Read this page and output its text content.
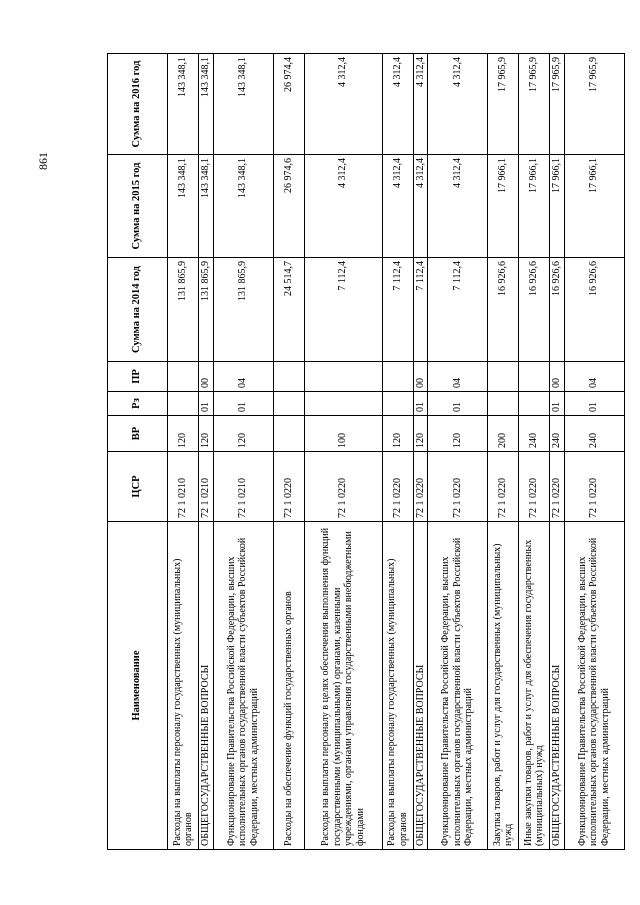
861
Наименование	ЦСР	ВР	Рз	ПР	Сумма на 2014 год	Сумма на 2015 год	Сумма на 2016 год
Расходы на выплаты персоналу государственных (муниципальных) органов	72 1 0210	120			131 865,9	143 348,1	143 348,1
ОБЩЕГОСУДАРСТВЕННЫЕ ВОПРОСЫ	72 1 0210	120	01	00	131 865,9	143 348,1	143 348,1
Функционирование Правительства Российской Федерации, высших исполнительных органов государственной власти субъектов Российской Федерации, местных администраций	72 1 0210	120	01	04	131 865,9	143 348,1	143 348,1
Расходы на обеспечение функций государственных органов	72 1 0220				24 514,7	26 974,6	26 974,4
Расходы на выплаты персоналу в целях обеспечения выполнения функций государственными (муниципальными) органами, казенными учреждениями, органами управления государственными внебюджетными фондами	72 1 0220	100			7 112,4	4 312,4	4 312,4
Расходы на выплаты персоналу государственных (муниципальных) органов	72 1 0220	120			7 112,4	4 312,4	4 312,4
ОБЩЕГОСУДАРСТВЕННЫЕ ВОПРОСЫ	72 1 0220	120	01	00	7 112,4	4 312,4	4 312,4
Функционирование Правительства Российской Федерации, высших исполнительных органов государственной власти субъектов Российской Федерации, местных администраций	72 1 0220	120	01	04	7 112,4	4 312,4	4 312,4
Закупка товаров, работ и услуг для государственных (муниципальных) нужд	72 1 0220	200			16 926,6	17 966,1	17 965,9
Иные закупки товаров, работ и услуг для обеспечения государственных (муниципальных) нужд	72 1 0220	240			16 926,6	17 966,1	17 965,9
ОБЩЕГОСУДАРСТВЕННЫЕ ВОПРОСЫ	72 1 0220	240	01	00	16 926,6	17 966,1	17 965,9
Функционирование Правительства Российской Федерации, высших исполнительных органов государственной власти субъектов Российской Федерации, местных администраций	72 1 0220	240	01	04	16 926,6	17 966,1	17 965,9
